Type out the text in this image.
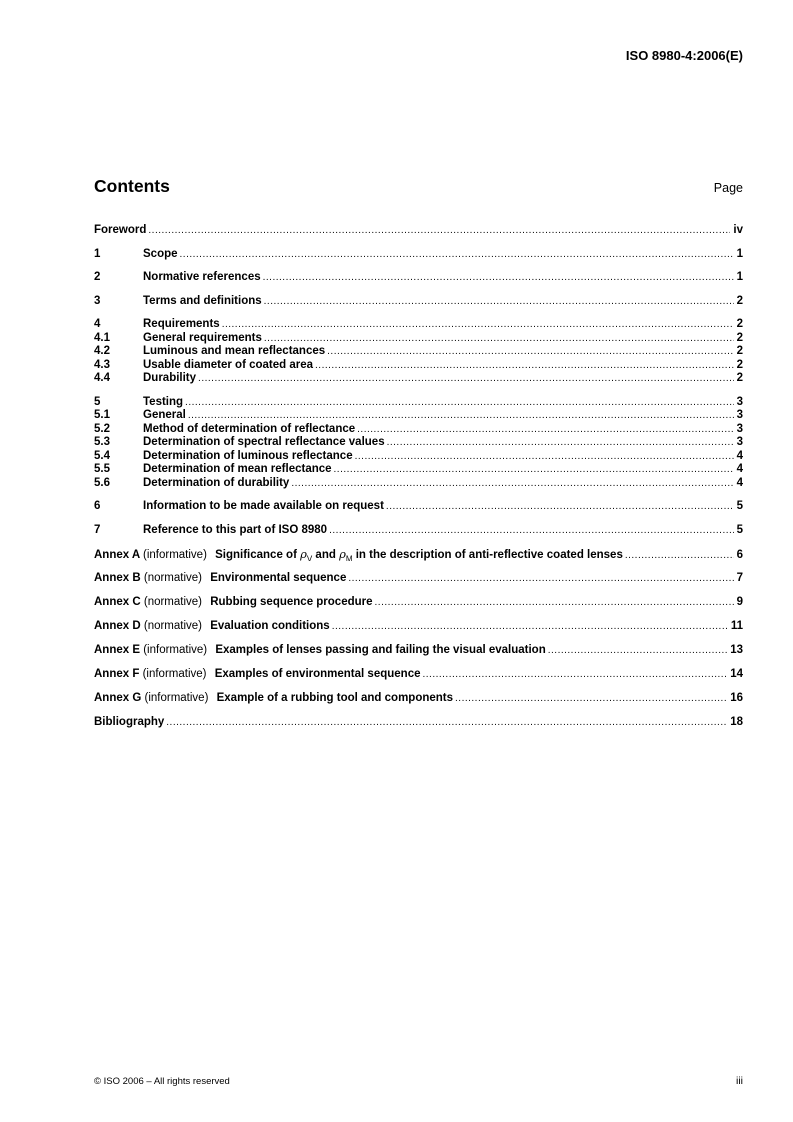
ISO 8980-4:2006(E)
Contents	Page
Foreword .....	iv
1	Scope .....	1
2	Normative references .....	1
3	Terms and definitions .....	2
4	Requirements .....	2
4.1	General requirements .....	2
4.2	Luminous and mean reflectances .....	2
4.3	Usable diameter of coated area .....	2
4.4	Durability .....	2
5	Testing .....	3
5.1	General .....	3
5.2	Method of determination of reflectance .....	3
5.3	Determination of spectral reflectance values .....	3
5.4	Determination of luminous reflectance .....	4
5.5	Determination of mean reflectance .....	4
5.6	Determination of durability .....	4
6	Information to be made available on request .....	5
7	Reference to this part of ISO 8980 .....	5
Annex A (informative) Significance of $\rho_V$ and $\rho_M$ in the description of anti-reflective coated lenses .....	6
Annex B (normative) Environmental sequence .....	7
Annex C (normative) Rubbing sequence procedure .....	9
Annex D (normative) Evaluation conditions .....	11
Annex E (informative) Examples of lenses passing and failing the visual evaluation .....	13
Annex F (informative) Examples of environmental sequence .....	14
Annex G (informative) Example of a rubbing tool and components .....	16
Bibliography .....	18
© ISO 2006 – All rights reserved	iii
